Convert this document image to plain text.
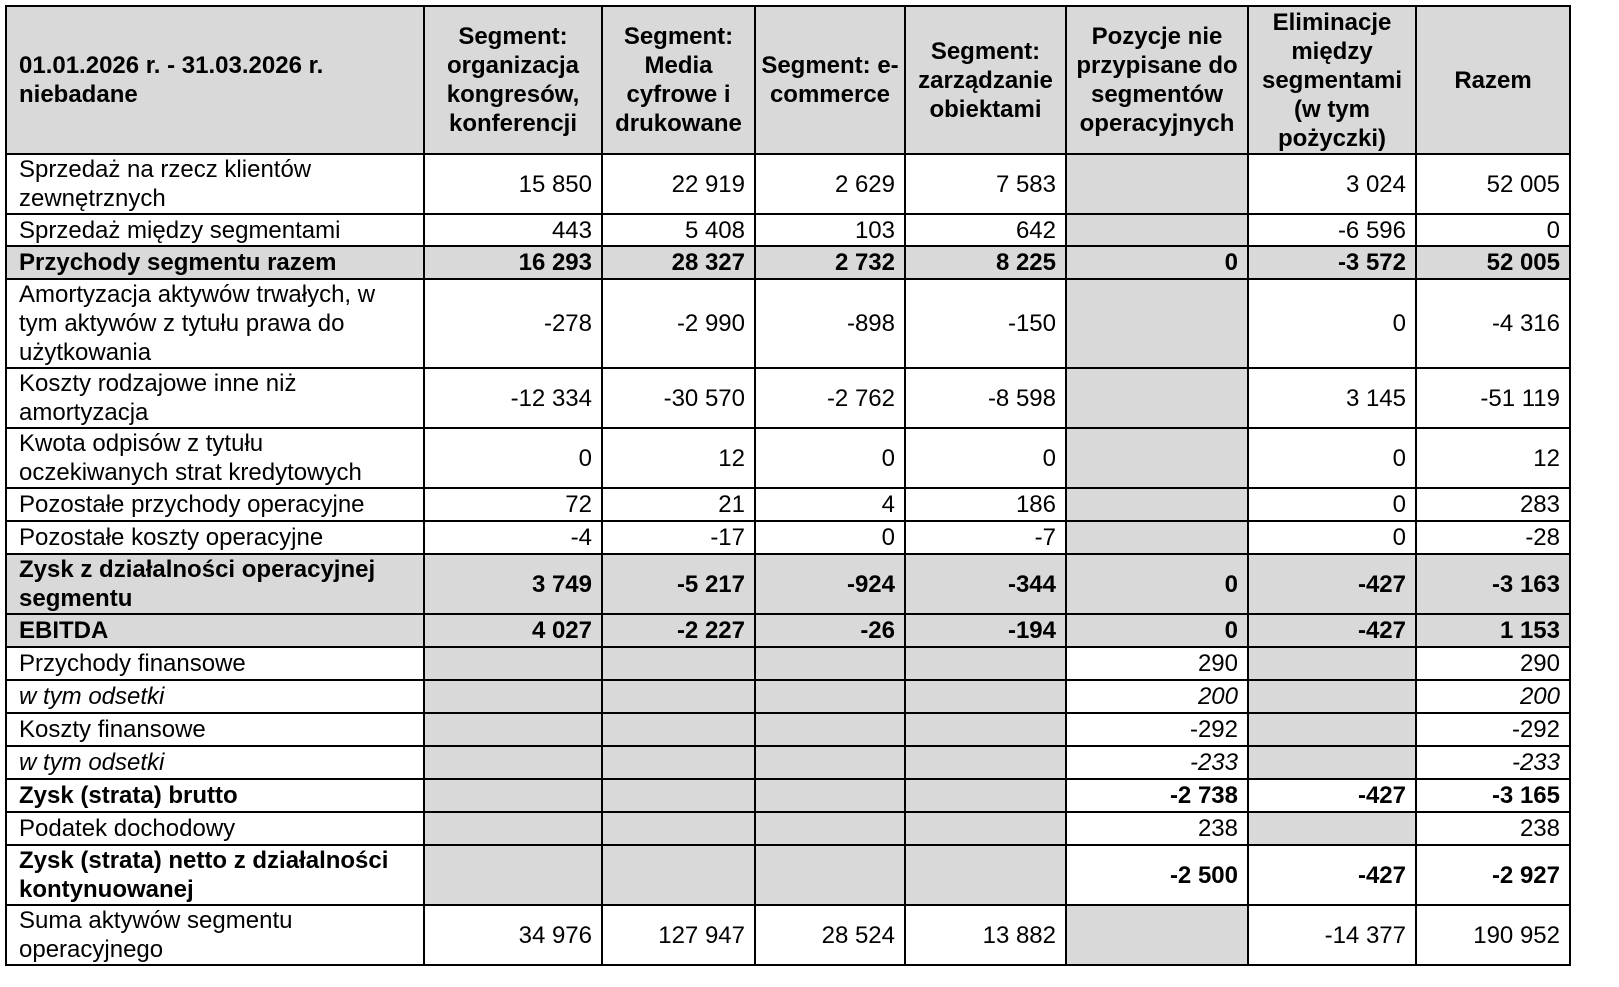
01.01.2026 r. - 31.03.2026 r. niebadane	Segment: organizacja kongresów, konferencji	Segment: Media cyfrowe i drukowane	Segment: e-commerce	Segment: zarządzanie obiektami	Pozycje nie przypisane do segmentów operacyjnych	Eliminacje między segmentami (w tym pożyczki)	Razem
Sprzedaż na rzecz klientów zewnętrznych	15 850	22 919	2 629	7 583		3 024	52 005
Sprzedaż między segmentami	443	5 408	103	642		-6 596	0
Przychody segmentu razem	16 293	28 327	2 732	8 225	0	-3 572	52 005
Amortyzacja aktywów trwałych, w tym aktywów z tytułu prawa do użytkowania	-278	-2 990	-898	-150		0	-4 316
Koszty rodzajowe inne niż amortyzacja	-12 334	-30 570	-2 762	-8 598		3 145	-51 119
Kwota odpisów z tytułu oczekiwanych strat kredytowych	0	12	0	0		0	12
Pozostałe przychody operacyjne	72	21	4	186		0	283
Pozostałe koszty operacyjne	-4	-17	0	-7		0	-28
Zysk z działalności operacyjnej segmentu	3 749	-5 217	-924	-344	0	-427	-3 163
EBITDA	4 027	-2 227	-26	-194	0	-427	1 153
Przychody finansowe					290		290
w tym odsetki					200		200
Koszty finansowe					-292		-292
w tym odsetki					-233		-233
Zysk (strata) brutto					-2 738	-427	-3 165
Podatek dochodowy					238		238
Zysk (strata) netto z działalności kontynuowanej					-2 500	-427	-2 927
Suma aktywów segmentu operacyjnego	34 976	127 947	28 524	13 882		-14 377	190 952
